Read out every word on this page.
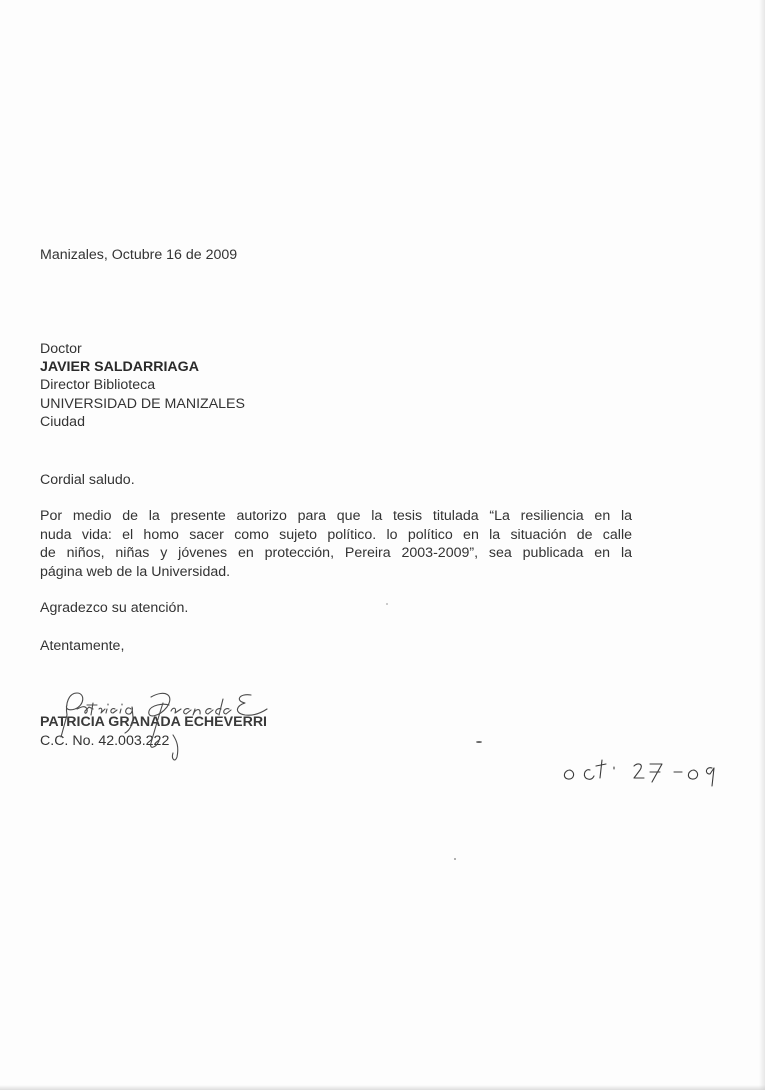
Manizales, Octubre 16 de 2009
Doctor
JAVIER SALDARRIAGA
Director Biblioteca
UNIVERSIDAD DE MANIZALES
Ciudad
Cordial saludo.
Por medio de la presente autorizo para que la tesis titulada “La resiliencia en la
nuda vida: el homo sacer como sujeto político. lo político en la situación de calle
de niños, niñas y jóvenes en protección, Pereira 2003-2009”, sea publicada en la
página web de la Universidad.
Agradezco su atención.
Atentamente,
PATRICIA GRANADA ECHEVERRI
C.C. No. 42.003.222
